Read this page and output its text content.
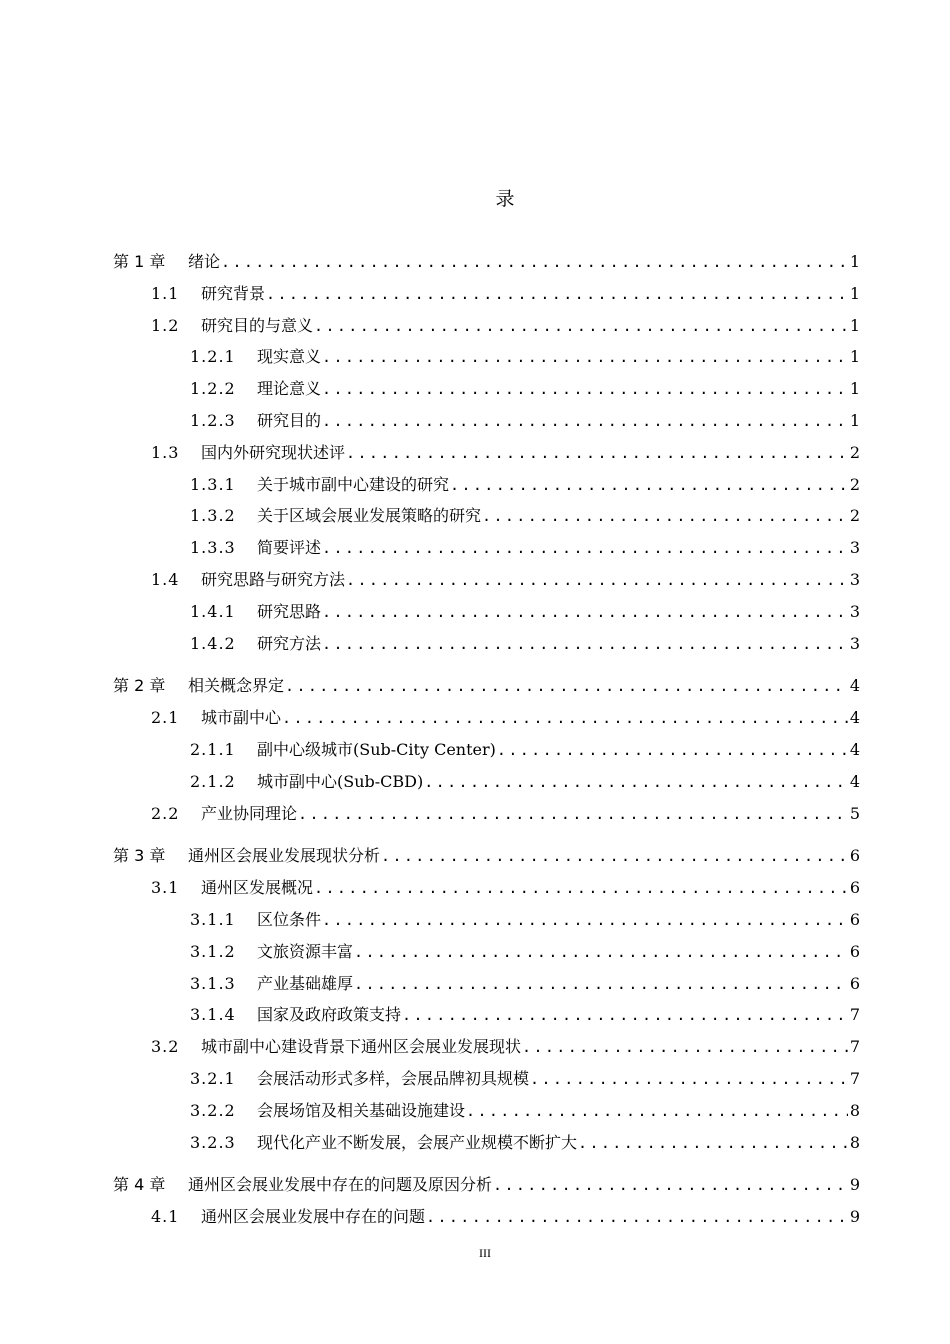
录
第 1 章	绪论 .....	1
1.1	研究背景 .....	1
1.2	研究目的与意义 .....	1
1.2.1	现实意义 .....	1
1.2.2	理论意义 .....	1
1.2.3	研究目的 .....	1
1.3	国内外研究现状述评 .....	2
1.3.1	关于城市副中心建设的研究 .....	2
1.3.2	关于区域会展业发展策略的研究 .....	2
1.3.3	简要评述 .....	3
1.4	研究思路与研究方法 .....	3
1.4.1	研究思路 .....	3
1.4.2	研究方法 .....	3
第 2 章	相关概念界定 .....	4
2.1	城市副中心 .....	4
2.1.1	副中心级城市(Sub-City Center) .....	4
2.1.2	城市副中心(Sub-CBD) .....	4
2.2	产业协同理论 .....	5
第 3 章	通州区会展业发展现状分析 .....	6
3.1	通州区发展概况 .....	6
3.1.1	区位条件 .....	6
3.1.2	文旅资源丰富 .....	6
3.1.3	产业基础雄厚 .....	6
3.1.4	国家及政府政策支持 .....	7
3.2	城市副中心建设背景下通州区会展业发展现状 .....	7
3.2.1	会展活动形式多样，会展品牌初具规模 .....	7
3.2.2	会展场馆及相关基础设施建设 .....	8
3.2.3	现代化产业不断发展，会展产业规模不断扩大 .....	8
第 4 章	通州区会展业发展中存在的问题及原因分析 .....	9
4.1	通州区会展业发展中存在的问题 .....	9
III
